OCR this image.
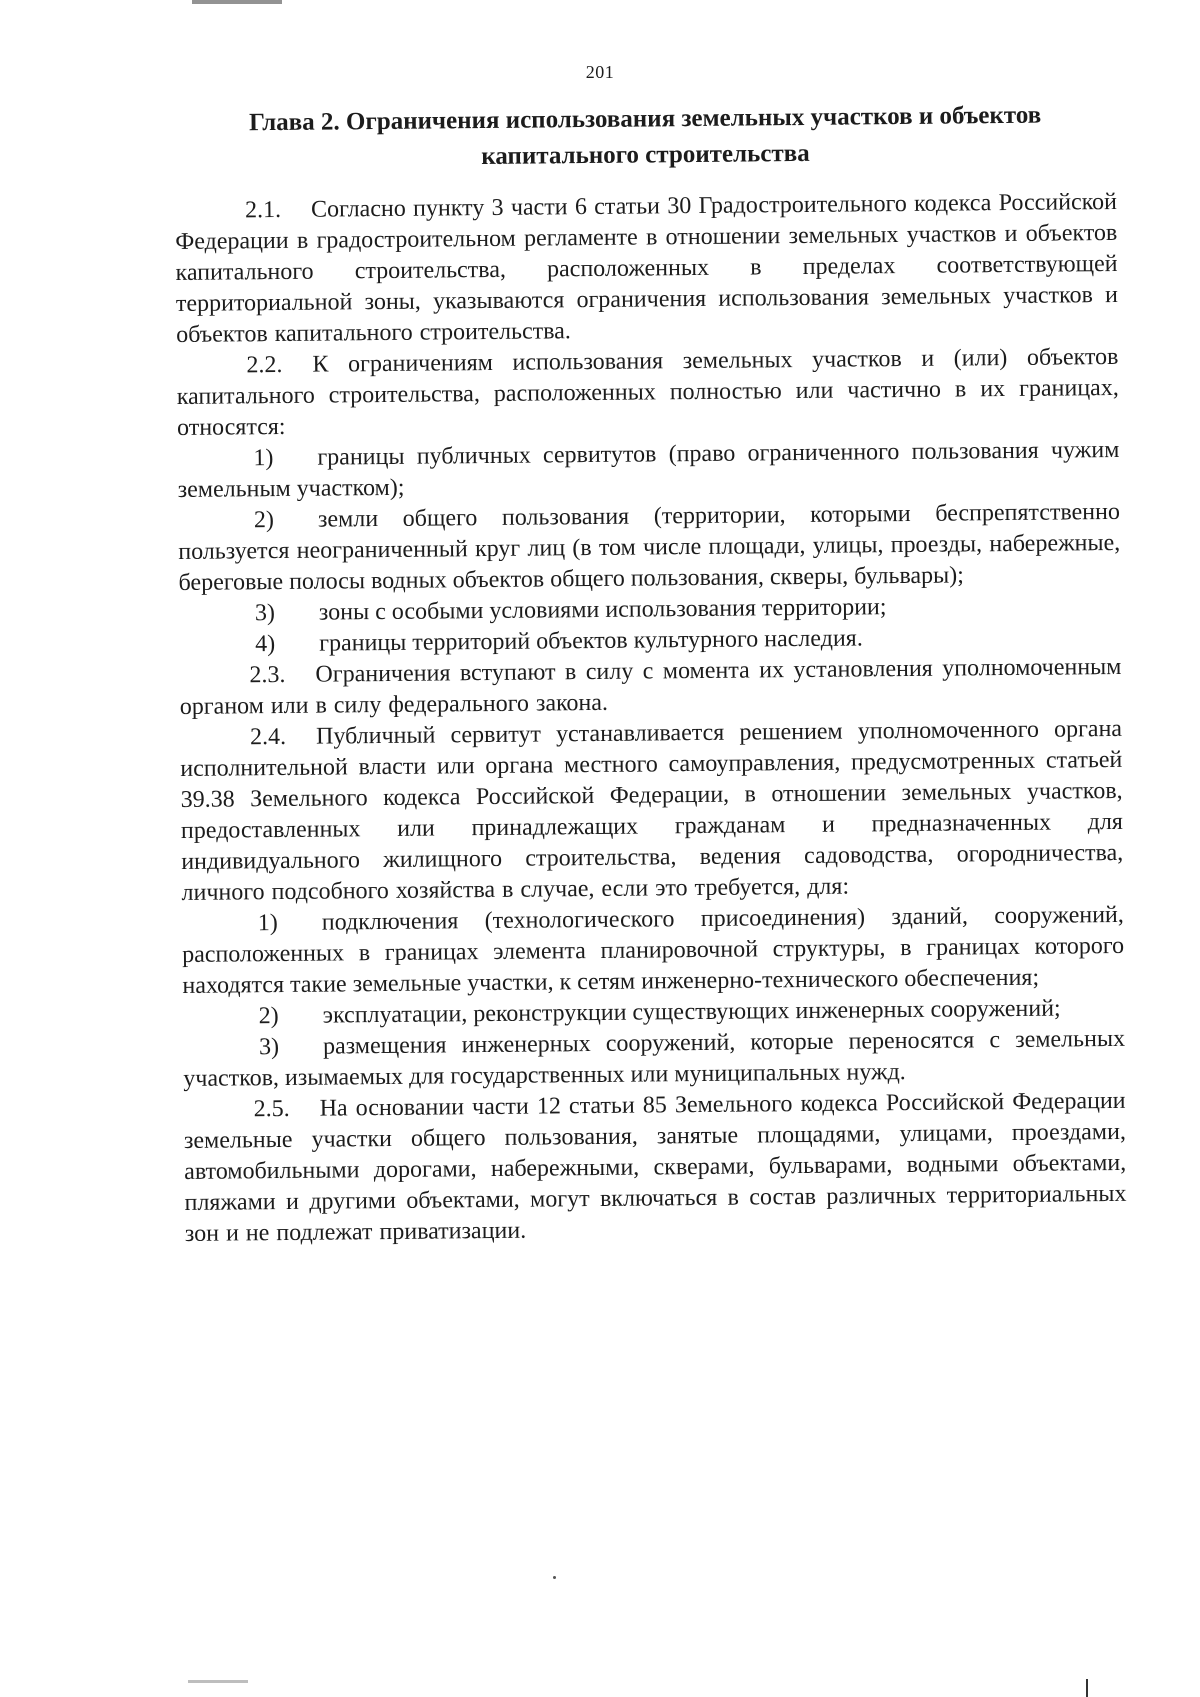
201
Глава 2. Ограничения использования земельных участков и объектов
капитального строительства

2.1. Согласно пункту 3 части 6 статьи 30 Градостроительного кодекса Российской Федерации в градостроительном регламенте в отношении земельных участков и объектов капитального строительства, расположенных в пределах соответствующей территориальной зоны, указываются ограничения использования земельных участков и объектов капитального строительства.

2.2. К ограничениям использования земельных участков и (или) объектов капитального строительства, расположенных полностью или частично в их границах, относятся:

1) границы публичных сервитутов (право ограниченного пользования чужим земельным участком);

2) земли общего пользования (территории, которыми беспрепятственно пользуется неограниченный круг лиц (в том числе площади, улицы, проезды, набережные, береговые полосы водных объектов общего пользования, скверы, бульвары);

3) зоны с особыми условиями использования территории;

4) границы территорий объектов культурного наследия.

2.3. Ограничения вступают в силу с момента их установления уполномоченным органом или в силу федерального закона.

2.4. Публичный сервитут устанавливается решением уполномоченного органа исполнительной власти или органа местного самоуправления, предусмотренных статьей 39.38 Земельного кодекса Российской Федерации, в отношении земельных участков, предоставленных или принадлежащих гражданам и предназначенных для индивидуального жилищного строительства, ведения садоводства, огородничества, личного подсобного хозяйства в случае, если это требуется, для:

1) подключения (технологического присоединения) зданий, сооружений, расположенных в границах элемента планировочной структуры, в границах которого находятся такие земельные участки, к сетям инженерно-технического обеспечения;

2) эксплуатации, реконструкции существующих инженерных сооружений;

3) размещения инженерных сооружений, которые переносятся с земельных участков, изымаемых для государственных или муниципальных нужд.

2.5. На основании части 12 статьи 85 Земельного кодекса Российской Федерации земельные участки общего пользования, занятые площадями, улицами, проездами, автомобильными дорогами, набережными, скверами, бульварами, водными объектами, пляжами и другими объектами, могут включаться в состав различных территориальных зон и не подлежат приватизации.
